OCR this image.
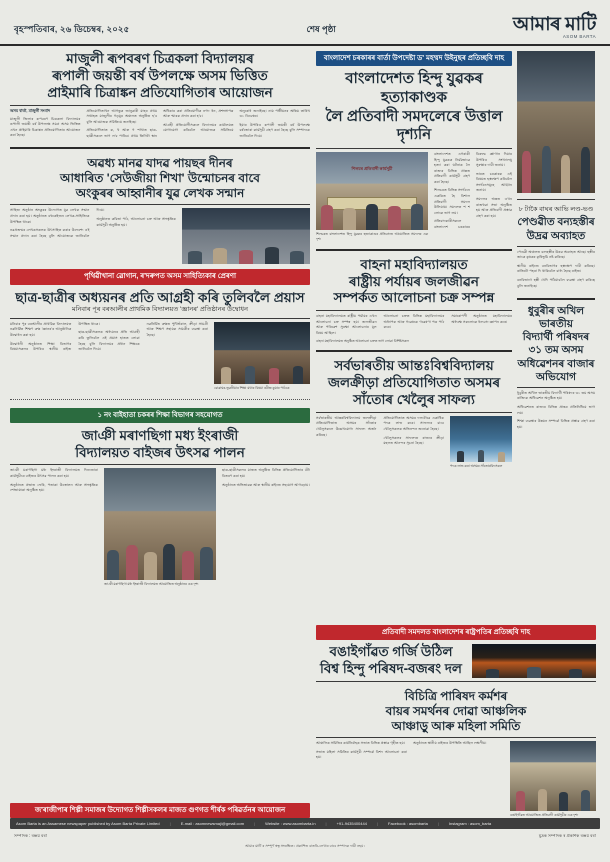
বৃহস্পতিবাৰ, ২৬ ডিচেম্বৰ, ২০২৫	শেষ পৃষ্ঠা	আমাৰ মাটি
ASOM BARTA
মাজুলী ৰূপবৰণ চিত্ৰকলা বিদ্যালয়ৰ
ৰূপালী জয়ন্তী বৰ্ষ উপলক্ষে অসম ভিত্তিত
প্ৰাইমাৰি চিত্ৰাঙ্কন প্ৰতিযোগিতাৰ আয়োজন
অসম বাৰ্তা, মাজুলী সংবাদ

মাজুলী জিলাৰ ৰূপবৰণ চিত্ৰকলা বিদ্যালয়ৰ ৰূপালী জয়ন্তী বৰ্ষ উপলক্ষে সমগ্ৰ অসম ভিত্তিত এখন প্ৰাইমাৰি চিত্ৰাঙ্কন প্ৰতিযোগিতাৰ আয়োজন কৰা হৈছে।

প্ৰতিযোগিতাখন আগন্তুক জানুৱাৰী মাহৰ প্ৰথম সপ্তাহত মাজুলীৰ গড়মূৰ অঞ্চলত অনুষ্ঠিত হ'ব বুলি আয়োজক সমিতিয়ে জনাইছে।

প্ৰতিযোগিতাত ক, খ আৰু গ শাখাত ছাত্ৰ-ছাত্ৰীসকলে ভাগ ল'ব পাৰিব। প্ৰথম তিনিটা স্থান অধিকাৰ কৰা প্ৰতিযোগীক নগদ ধন, প্ৰশংসাপত্ৰ আৰু স্মাৰক প্ৰদান কৰা হ'ব।

আগ্ৰহী প্ৰতিযোগীসকলে বিদ্যালয়ৰ কাৰ্যালয়ত যোগাযোগ কৰিবলৈ আয়োজক সমিতিয়ে অনুৰোধ জনাইছে। নাম পঞ্জীয়নৰ অন্তিম তাৰিখ ৩১ ডিচেম্বৰ।

ইয়াৰ উপৰিও ৰূপালী জয়ন্তী বৰ্ষ উপলক্ষে বৰ্ষজোৰা কাৰ্যসূচী গ্ৰহণ কৰা হৈছে বুলি সম্পাদকে জানিবলৈ দিয়ে।

অৱধ্য মানৱ যাদৱ পায়ছৰ দীনৰ
আধাৰিত 'সেউজীয়া শিখা' উন্মোচনৰ বাবে
অংকুৰৰ আহ্বানীৰ যুৱ লেখক সন্মান

সাহিত্য অনুষ্ঠান অংকুৰৰ উদ্যোগত যুৱ লেখক সন্মান প্ৰদান কৰা হয়। অনুষ্ঠানত বহুকেইজন লেখক-সাহিত্যিক উপস্থিত থাকে।

নৱপ্ৰজন্মৰ লেখকসকলক উৎসাহিত কৰাৰ উদ্দেশ্যে এই সন্মান প্ৰদান কৰা হৈছে বুলি আয়োজকে জানিবলৈ দিয়ে।

অনুষ্ঠানত কবিতা পাঠ, আলোচনা চক্ৰ আৰু সাংস্কৃতিক কাৰ্যসূচী অনুষ্ঠিত হয়।

পৃথিৱীখানা স্লোগান, ৰ'দৰুপত অসম সাহিত্যিকাৰ প্ৰেৰণা
ছাত্ৰ-ছাত্ৰীৰ অধ্যয়নৰ প্ৰতি আগ্ৰহী কৰি তুলিবলৈ প্ৰয়াস
মনিবাৰ পূৰ বৰআলীৰ প্ৰাথমিক বিদ্যালয়ত 'জ্ঞানৰ' প্ৰতিষ্ঠানৰ উদ্বোধন

মনিবাৰ পূৰ বৰআলীৰ প্ৰাথমিক বিদ্যালয়ত নৱনিৰ্মিত শিক্ষণ কক্ষ 'জ্ঞানৰ'ৰ আনুষ্ঠানিক উদ্বোধন কৰা হয়।

উদ্বোধনী অনুষ্ঠানত শিক্ষা বিভাগৰ বিষয়াসকলৰ উপৰিও স্থানীয় ৰাইজ উপস্থিত থাকে।

ছাত্ৰ-ছাত্ৰীসকলক অধ্যয়নৰ প্ৰতি আগ্ৰহী কৰি তুলিবলৈ এই প্ৰয়াস হাতত লোৱা হৈছে বুলি বিদ্যালয়ৰ প্ৰধান শিক্ষকে জানিবলৈ দিয়ে।

নৱনিৰ্মিত কক্ষত পুথিভঁৰাল, ক্ৰীড়া সামগ্ৰী আৰু শিক্ষণ সহায়ক সামগ্ৰীৰ ব্যৱস্থা কৰা হৈছে।

বোৱাঘৰ-ভূৱনীয়াৰ শিক্ষা যথাৰ বিষয়া ৰবীন্দ্ৰ কুমাৰ পাঠকে
১ নং বাইহাতা চকৰৰ শিক্ষা বিভাগৰ সহযোগত
জাঞী মৰাণছিগা মধ্য ইংৰাজী
বিদ্যালয়ত বাইজৰ উৎসৱ পালন

জাঞী মৰাণছিগা মধ্য ইংৰাজী বিদ্যালয়ত দিনজোৰা কাৰ্যসূচীৰে বাইজৰ উৎসৱ পালন কৰা হয়।

অনুষ্ঠানত প্ৰভাত ফেৰি, পতাকা উত্তোলন আৰু সাংস্কৃতিক শোভাযাত্ৰা অনুষ্ঠিত হয়।

জাঞী মৰাণছিগা মধ্য ইংৰাজী বিদ্যালয়ত আয়োজিত অনুষ্ঠানৰ এক দৃশ্য

ছাত্ৰ-ছাত্ৰীসকলৰ মাজত অনুষ্ঠিত বিভিন্ন প্ৰতিযোগিতাৰ বঁটা বিতৰণ কৰা হয়।

অনুষ্ঠানত অভিভাৱক আৰু স্থানীয় ৰাইজে সহযোগ আগবঢ়ায়।

জ'ৰাজীপাৰ শিল্পী সমাজৰ উদ্যোগত শিল্পীসকলৰ মাজত গুণগত শীৰ্ষক পৰিৱৰ্তনৰ আয়োজন
বাংলাদেশ চৰকাৰৰ বাৰ্তা উপদেষ্টা ড' মহম্মদ উইনুছৰ প্ৰতিচ্ছবি দাহ
বাংলাদেশত হিন্দু যুৱকৰ হত্যাকাণ্ডক
লৈ প্ৰতিবাদী সমদলেৰে উত্তাল দৃশ্যনি
শিলচৰ প্ৰতিবাদী কাৰ্যসূচী
শিলচৰত বাংলাদেশত হিন্দু যুৱকৰ হত্যাকাণ্ডৰ প্ৰতিবাদত আয়োজিত সমদলৰ এক দৃশ্য

বাংলাদেশত এগৰাকী হিন্দু যুৱকক নিৰ্মমভাৱে হত্যা কৰা ঘটনাক লৈ ৰাজ্যৰ বিভিন্ন প্ৰান্তত প্ৰতিবাদী কাৰ্যসূচী গ্ৰহণ কৰা হৈছে।

শিলচৰত বিভিন্ন সংগঠনে একত্ৰিত হৈ বিশাল প্ৰতিবাদী সমদল উলিয়ায়। সমদলত শ শ লোকে ভাগ লয়।

প্ৰতিবাদকাৰীসকলে বাংলাদেশ চৰকাৰৰ বিৰুদ্ধে শ্লোগান দিয়াৰ উপৰিও সংখ্যালঘু সুৰক্ষাৰ দাবী জনায়।

ভাৰত চৰকাৰক এই বিষয়ত হস্তক্ষেপ কৰিবলৈ সংগঠনসমূহে আহ্বান জনায়।

সমদলৰ অন্তত এখন ৰাজহুৱা সভা অনুষ্ঠিত হয় আৰু প্ৰতিবাদী প্ৰস্তাৱ গ্ৰহণ কৰা হয়।

বাহনা মহাবিদ্যালয়ত
ৰাষ্ট্ৰীয় পৰ্যায়ৰ জলজীৱন
সম্পৰ্কত আলোচনা চক্ৰ সম্পন্ন

বাহনা মহাবিদ্যালয়ত ৰাষ্ট্ৰীয় পৰ্যায়ৰ এখন আলোচনা চক্ৰ সম্পন্ন হয়। জলজীৱন আৰু পৰিৱেশ সুৰক্ষা আলোচনাৰ মূল বিষয় আছিল।

আলোচনা চক্ৰত বিভিন্ন মহাবিদ্যালয়ৰ অধ্যাপক আৰু গৱেষকে গৱেষণা পত্ৰ পাঠ কৰে।

সমাৰোপণী অনুষ্ঠানত মহাবিদ্যালয়ৰ অধ্যক্ষে সকলোকে ধন্যবাদ জ্ঞাপন কৰে।

বাহনা মহাবিদ্যালয়ত অনুষ্ঠিত আলোচনা চক্ৰত ভাগ লোৱা বিশিষ্টসকল
সৰ্বভাৰতীয় আন্তঃবিশ্ববিদ্যালয়
জলক্ৰীড়া প্ৰতিযোগিতাত অসমৰ
সাঁতোৰ খেলুৈৰ সাফল্য

সৰ্বভাৰতীয় আন্তঃবিশ্ববিদ্যালয় জলক্ৰীড়া প্ৰতিযোগিতাত অসমৰ সাঁতোৰ খেলুৈসকলে উল্লেখযোগ্য সাফল্য অৰ্জন কৰিছে।

প্ৰতিযোগিতাত অসমৰ দলটোৱে একাধিক পদক লাভ কৰে। সাফল্যৰ বাবে খেলুৈসকলক অভিনন্দন জনোৱা হৈছে।

খেলুৈসকলৰ সাফল্যত ৰাজ্যৰ ক্ৰীড়া মহলত আনন্দৰ সূচনা হৈছে।

পদক লাভ কৰা অসমৰ সাঁতোৰবিদসকল
৮ টাকৈ বাঘৰ আভি লণ্ড-ভণ্ড
পেণ্ডৱীত বন্যহস্তীৰ
উদ্ৰৱ অব্যাহত

পেণ্ডৱী অঞ্চলত বন্যহস্তীৰ উদ্ৰৱ অব্যাহত আছে। হস্তীৰ জাকে কৃষকৰ কৃষিভূমি নষ্ট কৰিছে।

স্থানীয় ৰাইজে বনবিভাগৰ হস্তক্ষেপ দাবী কৰিছে। ৰাতিটো পহৰা দি থাকিবলৈ বাধ্য হৈছে ৰাইজ।

বনবিভাগে হস্তী খেদি পঠিয়াবলৈ ব্যৱস্থা গ্ৰহণ কৰিছে বুলি জনাইছে।

ধুবুৰীৰ অখিল ভাৰতীয়
বিদ্যাৰ্থী পৰিষদৰ ৩১ তম অসম
অধিৱেশনৰ বাজাৰ অভিযোগ

ধুবুৰীত অখিল ভাৰতীয় বিদ্যাৰ্থী পৰিষদৰ ৩১ তম অসম ৰাজ্যিক অধিৱেশন অনুষ্ঠিত হয়।

অধিৱেশনত ৰাজ্যৰ বিভিন্ন প্ৰান্তৰ প্ৰতিনিধিয়ে ভাগ লয়।

শিক্ষা ব্যৱস্থাৰ উন্নয়ন সম্পৰ্কে বিভিন্ন প্ৰস্তাৱ গ্ৰহণ কৰা হয়।

প্ৰতিবাদী সমদলত বাংলাদেশৰ ৰাষ্ট্ৰপতিৰ প্ৰতিচ্ছবি দাহ
বঙাইগাঁৱত গৰ্জি উঠিল
বিশ্ব হিন্দু পৰিষদ-বজৰং দল
বিচিত্ৰি পাৰিষদ কৰ্মশৰ
বায়ৰ সমৰ্থনৰ দোৱা আঞ্চলিক
আঞ্চাড়ু আৰু মহিলা সমিতি

আঞ্চলিক সমিতিৰ কাৰ্যনিৰ্বাহক সভাত বিভিন্ন প্ৰস্তাৱ গৃহীত হয়।

সভাত মহিলা সমিতিৰ কাৰ্যসূচী সম্পৰ্কে বিশদ আলোচনা কৰা হয়।

অনুষ্ঠানত স্থানীয় ৰাইজৰ উপস্থিতি আছিল লক্ষণীয়।

বঙাইগাঁৱত আয়োজিত প্ৰতিবাদী কাৰ্যসূচীৰ এক দৃশ্য
Asom Barta is an Assamese newspaper published by Asom Barta Private Limited	|	E-mail : asomnewsmaji@gmail.com	|	Website : www.asombarta.in	|	+91-9435400444	|	Facebook : asombarta	|	Instagram : asom_barta
সম্পাদক : ৰঞ্জয় বৰা	মুদ্ৰক সম্পাদক ৰ প্ৰকাশক ৰঞ্জয় বৰা
আমাৰ মাটি ৰ সম্পূৰ্ণ স্বত্ব সংৰক্ষিত ৷ প্ৰকাশিত বাতৰি-লেখাৰ বাবে সম্পাদক দায়ী নহয় ৷
